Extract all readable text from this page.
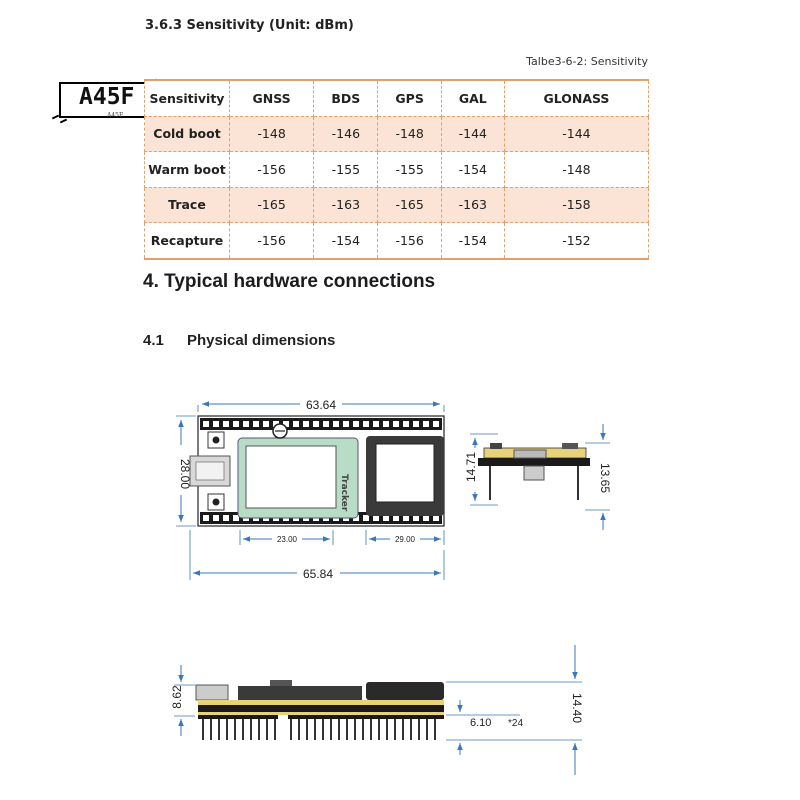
A45F
A45F
3.6.3 Sensitivity (Unit: dBm)
Talbe3-6-2: Sensitivity
Sensitivity	GNSS	BDS	GPS	GAL	GLONASS
Cold boot	-148	-146	-148	-144	-144
Warm boot	-156	-155	-155	-154	-148
Trace	-165	-163	-165	-163	-158
Recapture	-156	-154	-156	-154	-152
4. Typical hardware connections
4.1 Physical dimensions
Tracker
63.64
28.00
23.00	29.00
65.84
14.71	13.65
8.62	14.40
6.10 *24
